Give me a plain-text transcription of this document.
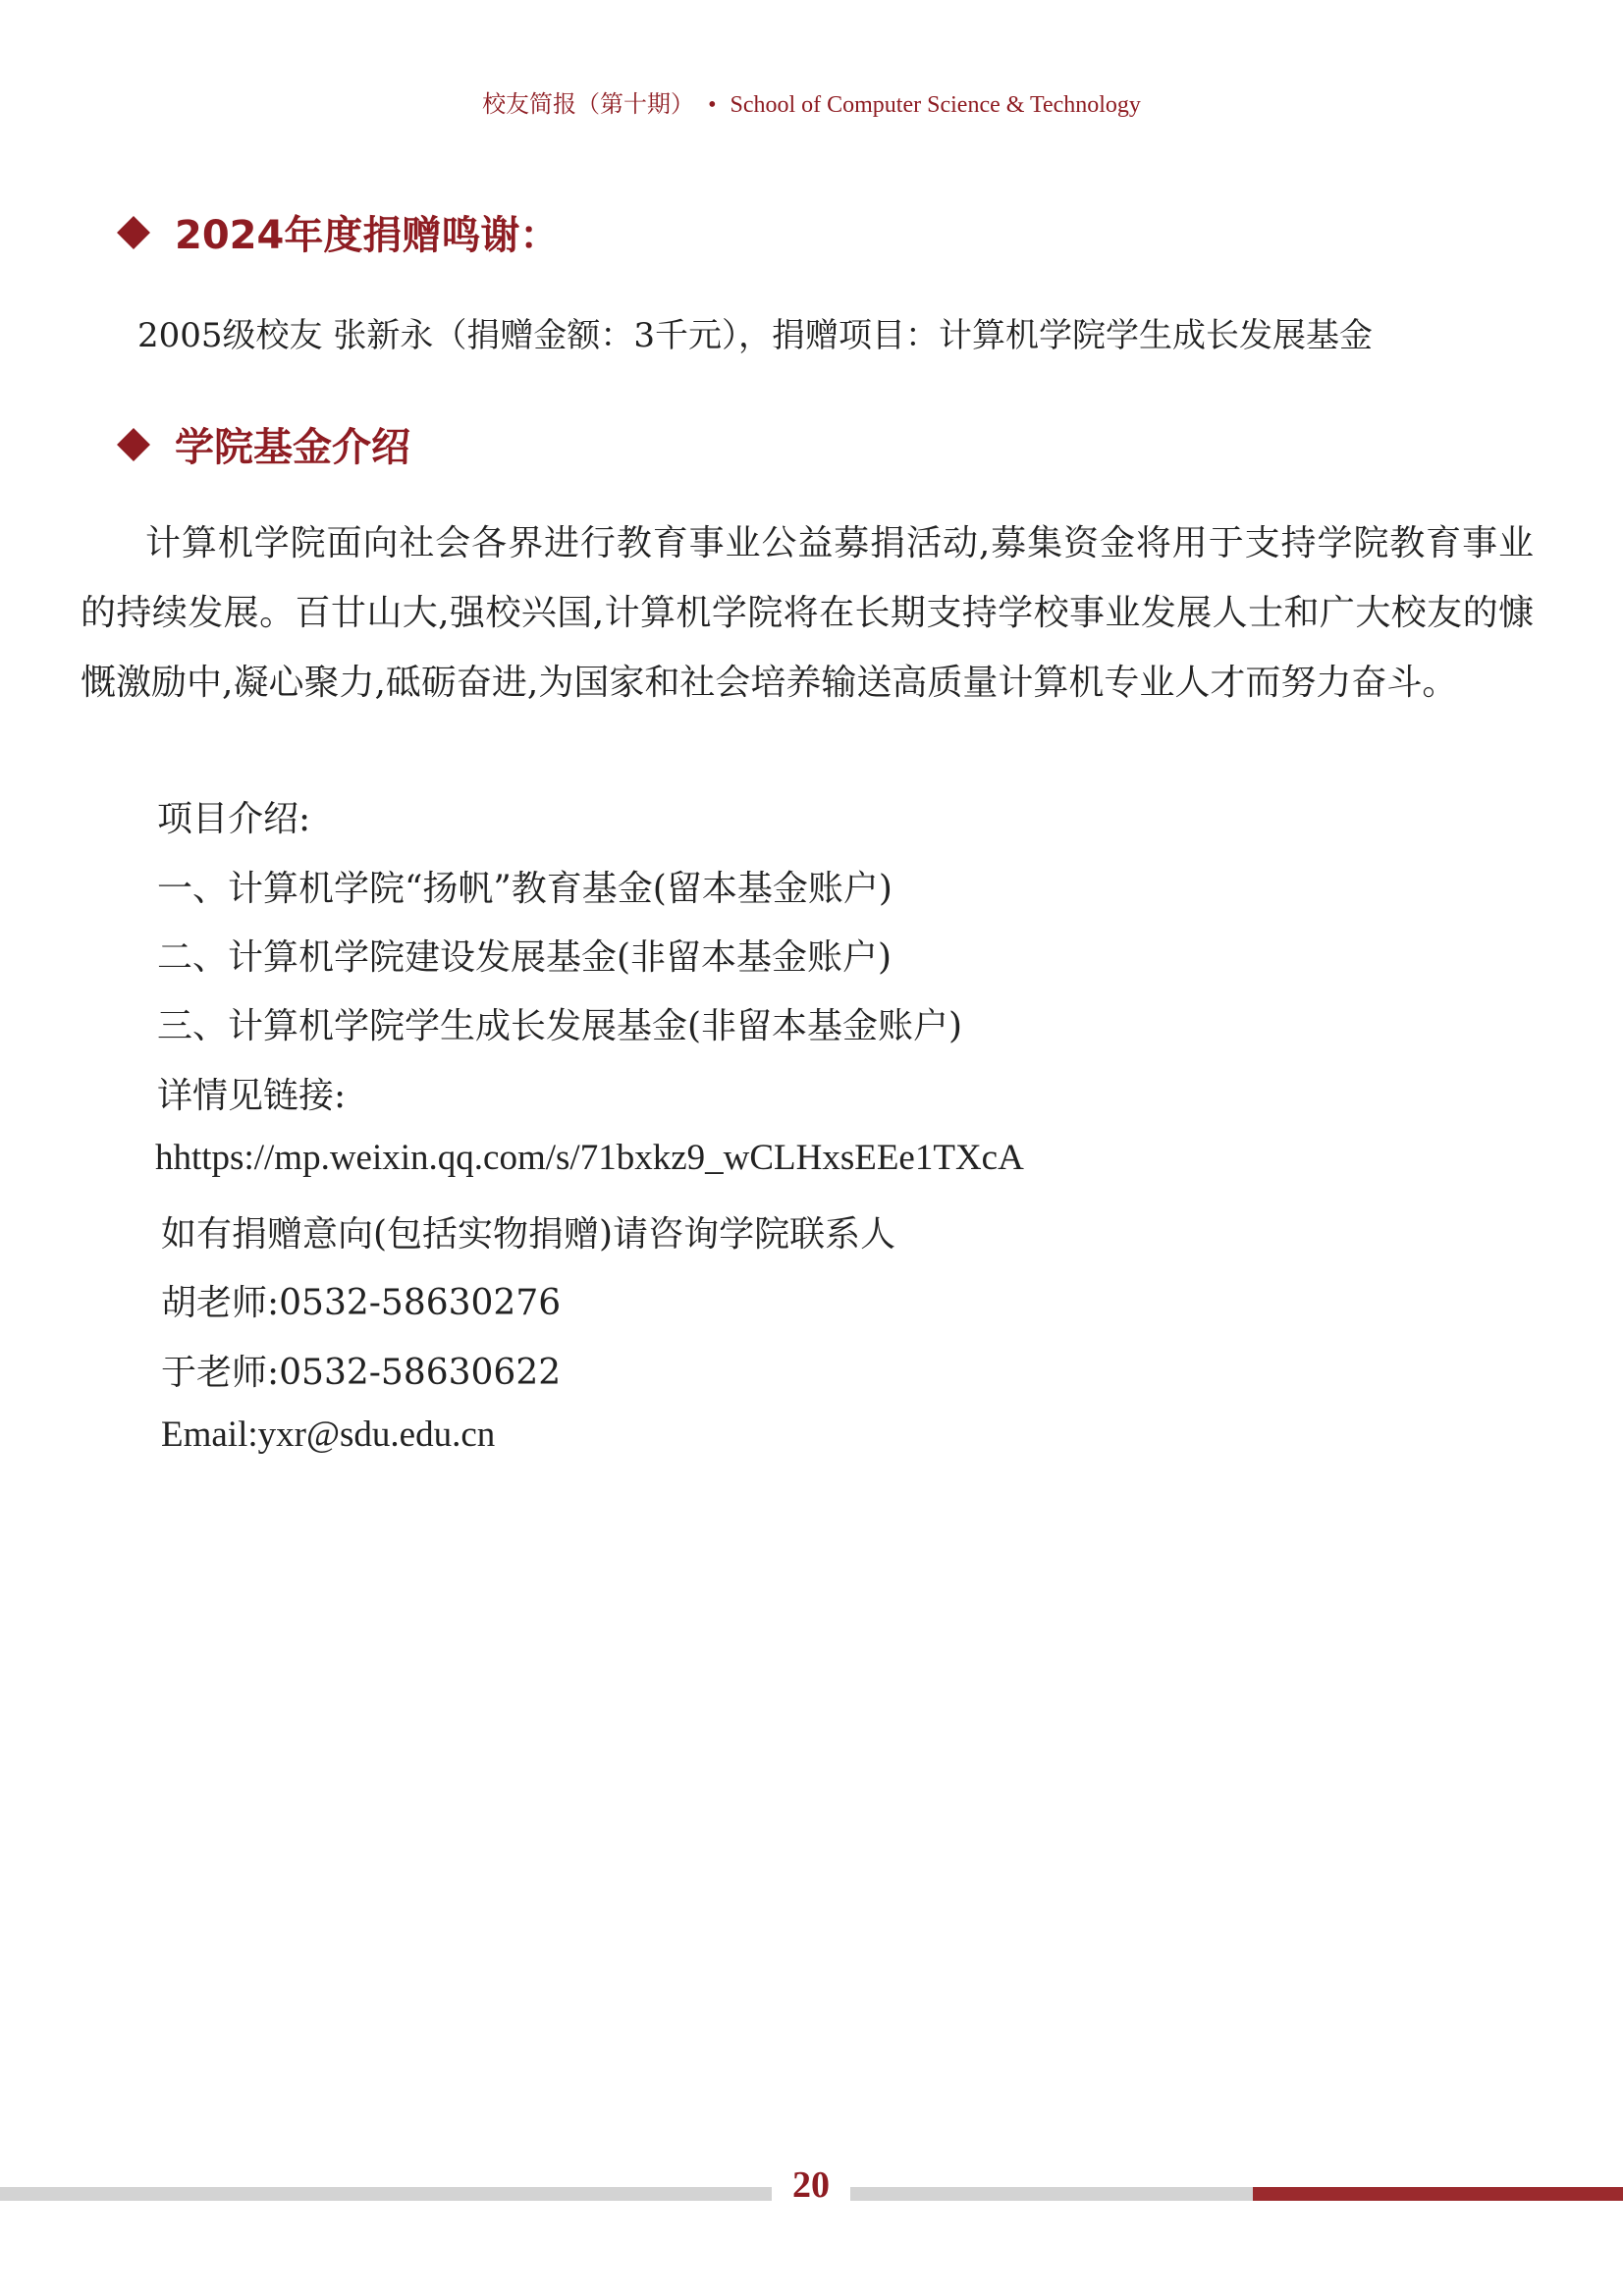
校友简报（第十期） • School of Computer Science & Technology
2024年度捐赠鸣谢：
2005级校友 张新永（捐赠金额：3千元），捐赠项目：计算机学院学生成长发展基金
学院基金介绍

计算机学院面向社会各界进行教育事业公益募捐活动,募集资金将用于支持学院教育事业的持续发展。百廿山大,强校兴国,计算机学院将在长期支持学校事业发展人士和广大校友的慷慨激励中,凝心聚力,砥砺奋进,为国家和社会培养输送高质量计算机专业人才而努力奋斗。

项目介绍:
一、计算机学院“扬帆”教育基金(留本基金账户)
二、计算机学院建设发展基金(非留本基金账户)
三、计算机学院学生成长发展基金(非留本基金账户)
详情见链接:
hhttps://mp.weixin.qq.com/s/71bxkz9_wCLHxsEEe1TXcA
如有捐赠意向(包括实物捐赠)请咨询学院联系人
胡老师:0532-58630276
于老师:0532-58630622
Email:yxr@sdu.edu.cn
20
